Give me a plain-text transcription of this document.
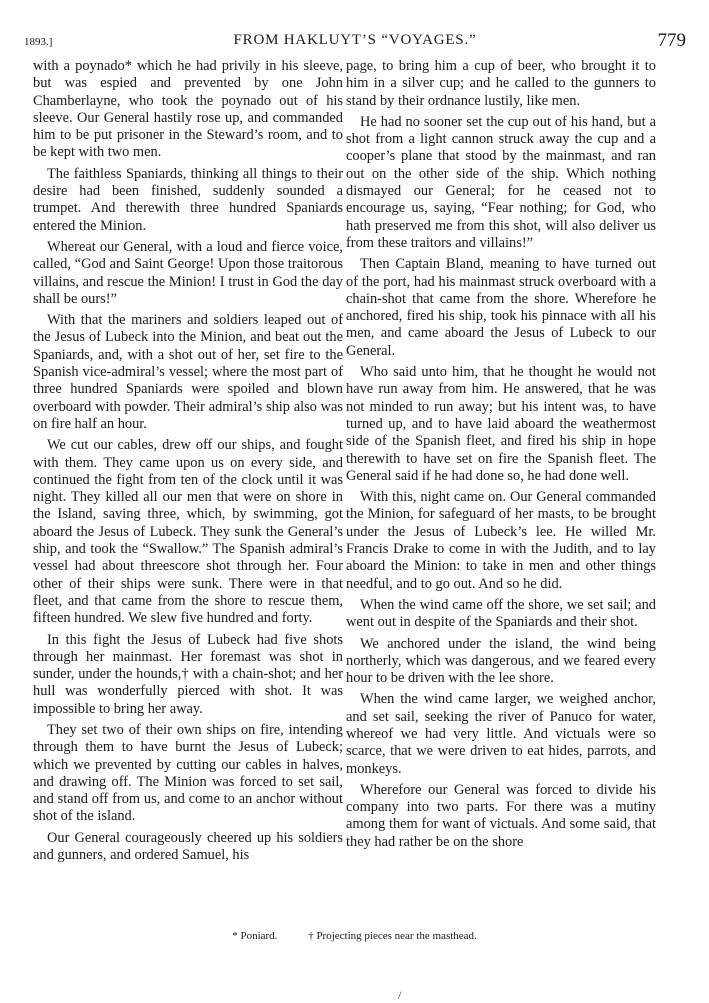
1893.]	FROM HAKLUYT’S “VOYAGES.”	779

with a poynado* which he had privily in his sleeve, but was espied and prevented by one John Chamberlayne, who took the poynado out of his sleeve. Our General hastily rose up, and commanded him to be put prisoner in the Steward’s room, and to be kept with two men.

The faithless Spaniards, thinking all things to their desire had been finished, suddenly sounded a trumpet. And therewith three hundred Spaniards entered the Minion.

Whereat our General, with a loud and fierce voice, called, “God and Saint George! Upon those traitorous villains, and rescue the Minion! I trust in God the day shall be ours!”

With that the mariners and soldiers leaped out of the Jesus of Lubeck into the Minion, and beat out the Spaniards, and, with a shot out of her, set fire to the Spanish vice-admiral’s vessel; where the most part of three hundred Spaniards were spoiled and blown overboard with powder. Their admiral’s ship also was on fire half an hour.

We cut our cables, drew off our ships, and fought with them. They came upon us on every side, and continued the fight from ten of the clock until it was night. They killed all our men that were on shore in the Island, saving three, which, by swimming, got aboard the Jesus of Lubeck. They sunk the General’s ship, and took the “Swallow.” The Spanish admiral’s vessel had about threescore shot through her. Four other of their ships were sunk. There were in that fleet, and that came from the shore to rescue them, fifteen hundred. We slew five hundred and forty.

In this fight the Jesus of Lubeck had five shots through her mainmast. Her foremast was shot in sunder, under the hounds,† with a chain-shot; and her hull was wonderfully pierced with shot. It was impossible to bring her away.

They set two of their own ships on fire, intending through them to have burnt the Jesus of Lubeck; which we prevented by cutting our cables in halves, and drawing off. The Minion was forced to set sail, and stand off from us, and come to an anchor without shot of the island.

Our General courageously cheered up his soldiers and gunners, and ordered Samuel, his

page, to bring him a cup of beer, who brought it to him in a silver cup; and he called to the gunners to stand by their ordnance lustily, like men.

He had no sooner set the cup out of his hand, but a shot from a light cannon struck away the cup and a cooper’s plane that stood by the mainmast, and ran out on the other side of the ship. Which nothing dismayed our General; for he ceased not to encourage us, saying, “Fear nothing; for God, who hath preserved me from this shot, will also deliver us from these traitors and villains!”

Then Captain Bland, meaning to have turned out of the port, had his mainmast struck overboard with a chain-shot that came from the shore. Wherefore he anchored, fired his ship, took his pinnace with all his men, and came aboard the Jesus of Lubeck to our General.

Who said unto him, that he thought he would not have run away from him. He answered, that he was not minded to run away; but his intent was, to have turned up, and to have laid aboard the weathermost side of the Spanish fleet, and fired his ship in hope therewith to have set on fire the Spanish fleet. The General said if he had done so, he had done well.

With this, night came on. Our General commanded the Minion, for safeguard of her masts, to be brought under the Jesus of Lubeck’s lee. He willed Mr. Francis Drake to come in with the Judith, and to lay aboard the Minion: to take in men and other things needful, and to go out. And so he did.

When the wind came off the shore, we set sail; and went out in despite of the Spaniards and their shot.

We anchored under the island, the wind being northerly, which was dangerous, and we feared every hour to be driven with the lee shore.

When the wind came larger, we weighed anchor, and set sail, seeking the river of Panuco for water, whereof we had very little. And victuals were so scarce, that we were driven to eat hides, parrots, and monkeys.

Wherefore our General was forced to divide his company into two parts. For there was a mutiny among them for want of victuals. And some said, that they had rather be on the shore

* Poniard.	† Projecting pieces near the masthead.
/
